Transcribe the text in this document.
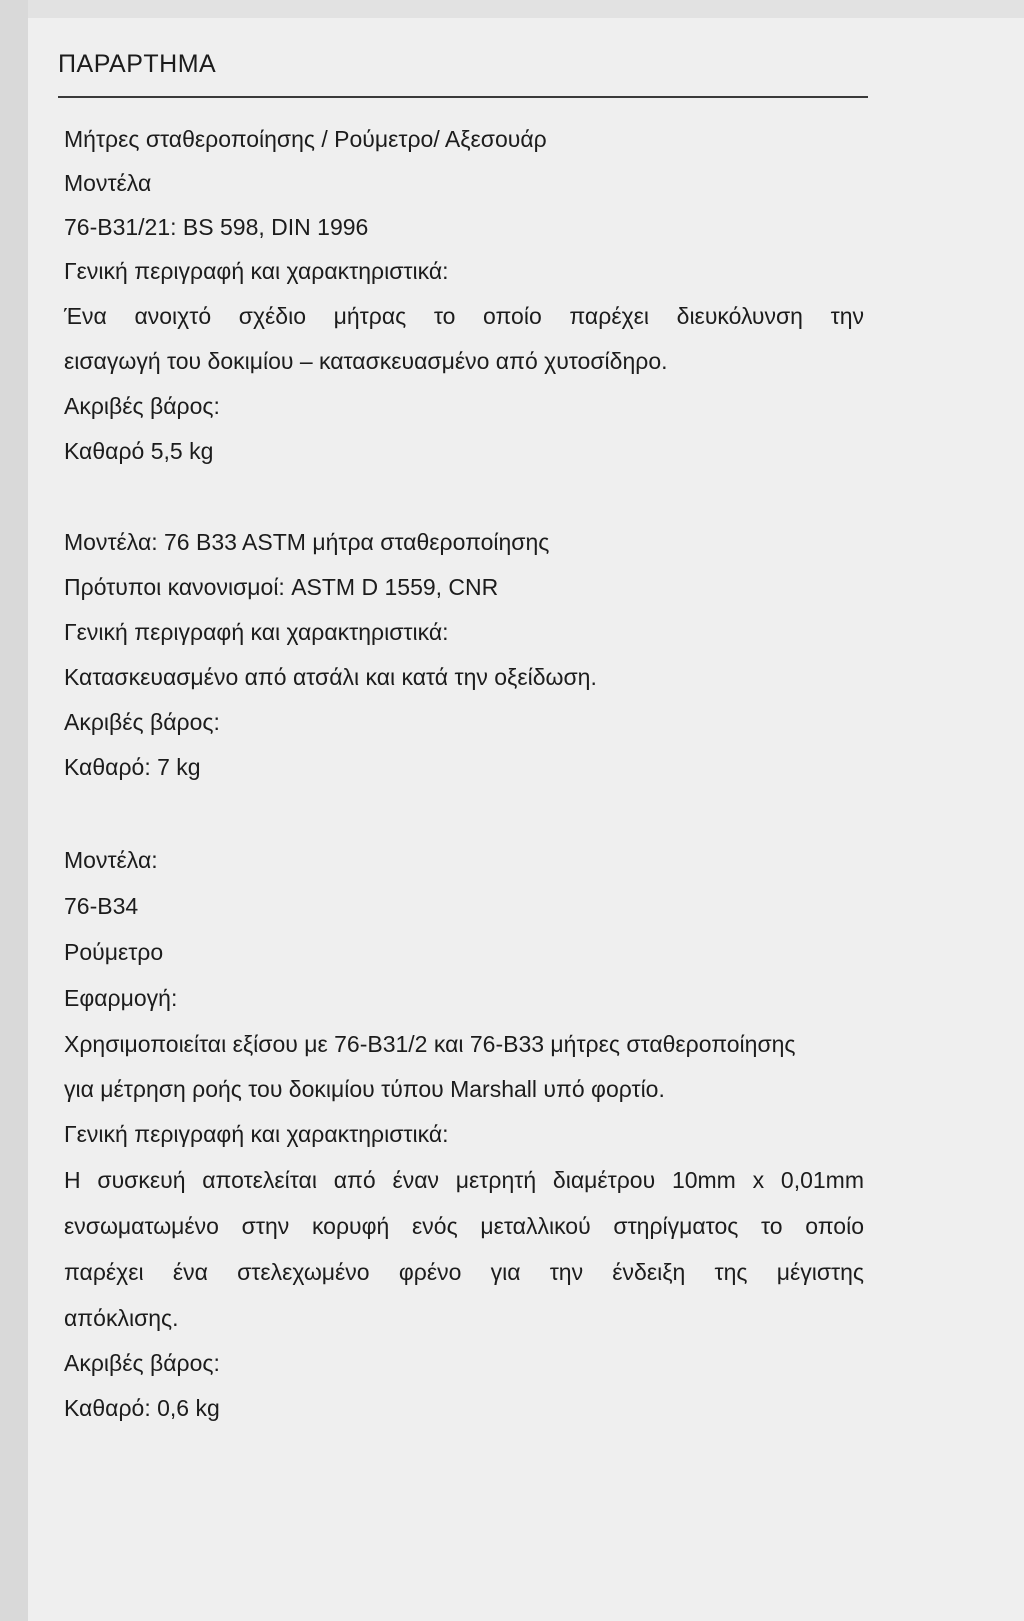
ΠΑΡΑΡΤΗΜΑ
Μήτρες σταθεροποίησης / Ρούμετρο/ Αξεσουάρ
Μοντέλα
76-B31/21: BS 598, DIN 1996
Γενική περιγραφή και χαρακτηριστικά:
Ένα ανοιχτό σχέδιο μήτρας το οποίο παρέχει διευκόλυνση την
εισαγωγή του δοκιμίου – κατασκευασμένο από χυτοσίδηρο.
Ακριβές βάρος:
Καθαρό 5,5 kg
Μοντέλα: 76 B33 ASTM μήτρα σταθεροποίησης
Πρότυποι κανονισμοί: ASTM D 1559, CNR
Γενική περιγραφή και χαρακτηριστικά:
Κατασκευασμένο από ατσάλι και κατά την οξείδωση.
Ακριβές βάρος:
Καθαρό: 7 kg
Μοντέλα:
76-B34
Ρούμετρο
Εφαρμογή:
Χρησιμοποιείται εξίσου με 76-B31/2 και 76-B33 μήτρες σταθεροποίησης
για μέτρηση ροής του δοκιμίου τύπου Marshall υπό φορτίο.
Γενική περιγραφή και χαρακτηριστικά:
Η συσκευή αποτελείται από έναν μετρητή διαμέτρου 10mm x 0,01mm
ενσωματωμένο στην κορυφή ενός μεταλλικού στηρίγματος το οποίο
παρέχει ένα στελεχωμένο φρένο για την ένδειξη της μέγιστης
απόκλισης.
Ακριβές βάρος:
Καθαρό: 0,6 kg
